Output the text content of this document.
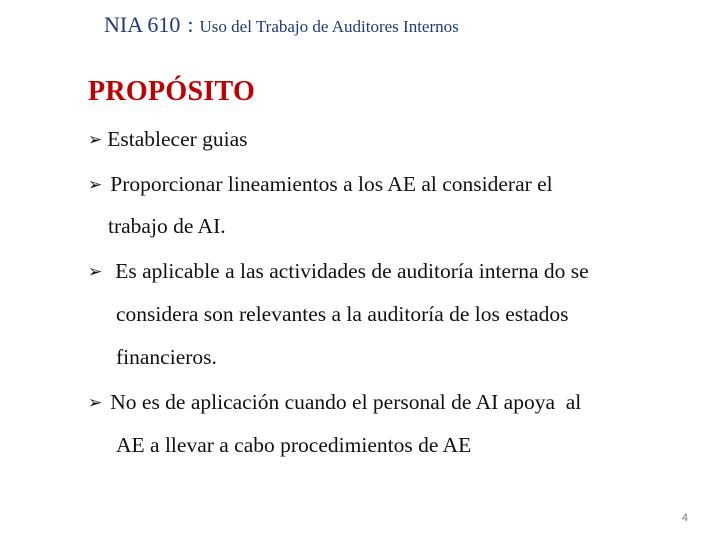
NIA 610 : Uso del Trabajo de Auditores Internos
PROPÓSITO
➢ Establecer guias
➢ Proporcionar lineamientos a los AE al considerar el
trabajo de AI.
➢ Es aplicable a las actividades de auditoría interna do se
considera son relevantes a la auditoría de los estados
financieros.
➢ No es de aplicación cuando el personal de AI apoya  al
AE a llevar a cabo procedimientos de AE
4
